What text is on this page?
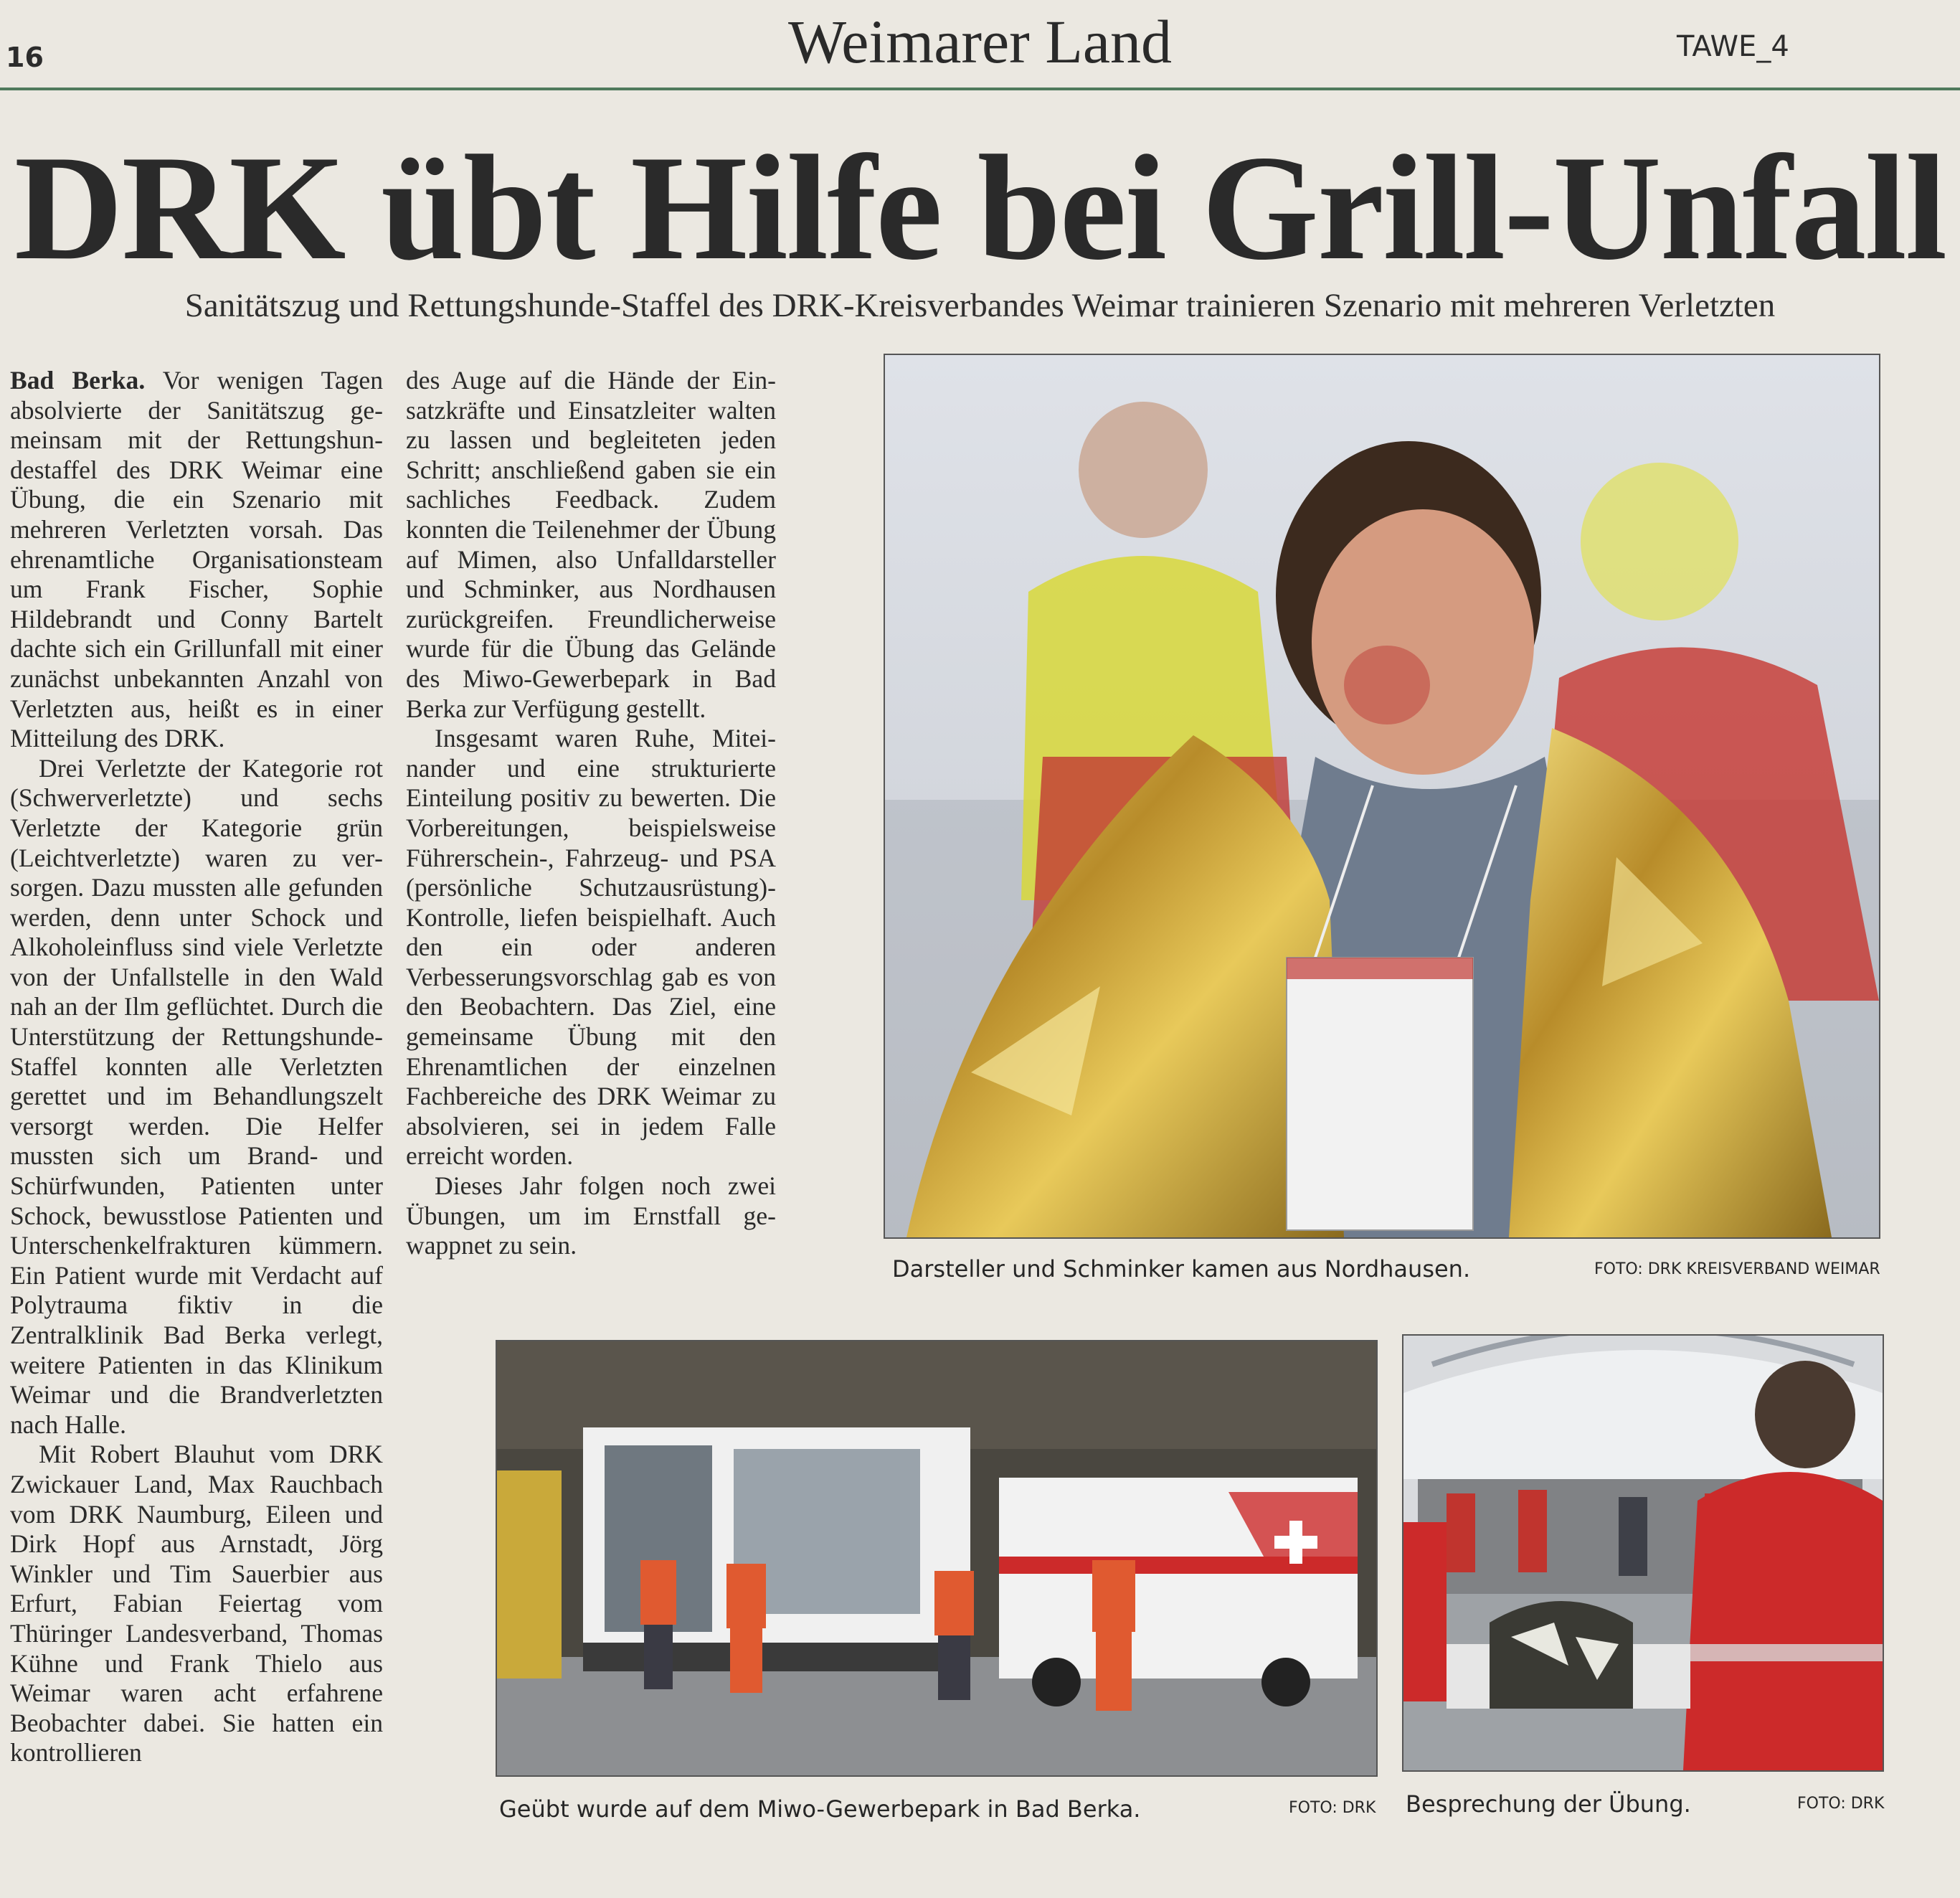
16	Weimarer Land	TAWE_4
DRK übt Hilfe bei Grill-Unfall
Sanitätszug und Rettungshunde-Staffel des DRK-Kreisverbandes Weimar trainieren Szenario mit mehreren Verletzten

Bad Berka. Vor wenigen Tagen absolvierte der Sanitätszug gemeinsam mit der Rettungshundestaffel des DRK Weimar eine Übung, die ein Szenario mit mehreren Verletzten vorsah. Das ehrenamtliche Organisationsteam um Frank Fischer, Sophie Hildebrandt und Conny Bartelt dachte sich ein Grillunfall mit einer zunächst unbekannten Anzahl von Verletzten aus, heißt es in einer Mitteilung des DRK.

Drei Verletzte der Kategorie rot (Schwerverletzte) und sechs Verletzte der Kategorie grün (Leichtverletzte) waren zu versorgen. Dazu mussten alle gefunden werden, denn unter Schock und Alkoholeinfluss sind viele Verletzte von der Unfallstelle in den Wald nah an der Ilm geflüchtet. Durch die Unterstützung der Rettungshunde-Staffel konnten alle Verletzten gerettet und im Behandlungszelt versorgt werden. Die Helfer mussten sich um Brand- und Schürfwunden, Patienten unter Schock, bewusstlose Patienten und Unterschenkelfrakturen kümmern. Ein Patient wurde mit Verdacht auf Polytrauma fiktiv in die Zentralklinik Bad Berka verlegt, weitere Patienten in das Klinikum Weimar und die Brandverletzten nach Halle.

Mit Robert Blauhut vom DRK Zwickauer Land, Max Rauchbach vom DRK Naumburg, Eileen und Dirk Hopf aus Arnstadt, Jörg Winkler und Tim Sauerbier aus Erfurt, Fabian Feiertag vom Thüringer Landesverband, Thomas Kühne und Frank Thielo aus Weimar waren acht erfahrene Beobachter dabei. Sie hatten ein kontrollieren

des Auge auf die Hände der Einsatzkräfte und Einsatzleiter walten zu lassen und begleiteten jeden Schritt; anschließend gaben sie ein sachliches Feedback. Zudem konnten die Teilenehmer der Übung auf Mimen, also Unfalldarsteller und Schminker, aus Nordhausen zurückgreifen. Freundlicherweise wurde für die Übung das Gelände des Miwo-Gewerbepark in Bad Berka zur Verfügung gestellt.

Insgesamt waren Ruhe, Miteinander und eine strukturierte Einteilung positiv zu bewerten. Die Vorbereitungen, beispielsweise Führerschein-, Fahrzeug- und PSA (persönliche Schutzausrüstung)-Kontrolle, liefen beispielhaft. Auch den ein oder anderen Verbesserungsvorschlag gab es von den Beobachtern. Das Ziel, eine gemeinsame Übung mit den Ehrenamtlichen der einzelnen Fachbereiche des DRK Weimar zu absolvieren, sei in jedem Falle erreicht worden.

Dieses Jahr folgen noch zwei Übungen, um im Ernstfall gewappnet zu sein.

Darsteller und Schminker kamen aus Nordhausen.	FOTO: DRK KREISVERBAND WEIMAR
Geübt wurde auf dem Miwo-Gewerbepark in Bad Berka.	FOTO: DRK Besprechung der Übung.	FOTO: DRK
